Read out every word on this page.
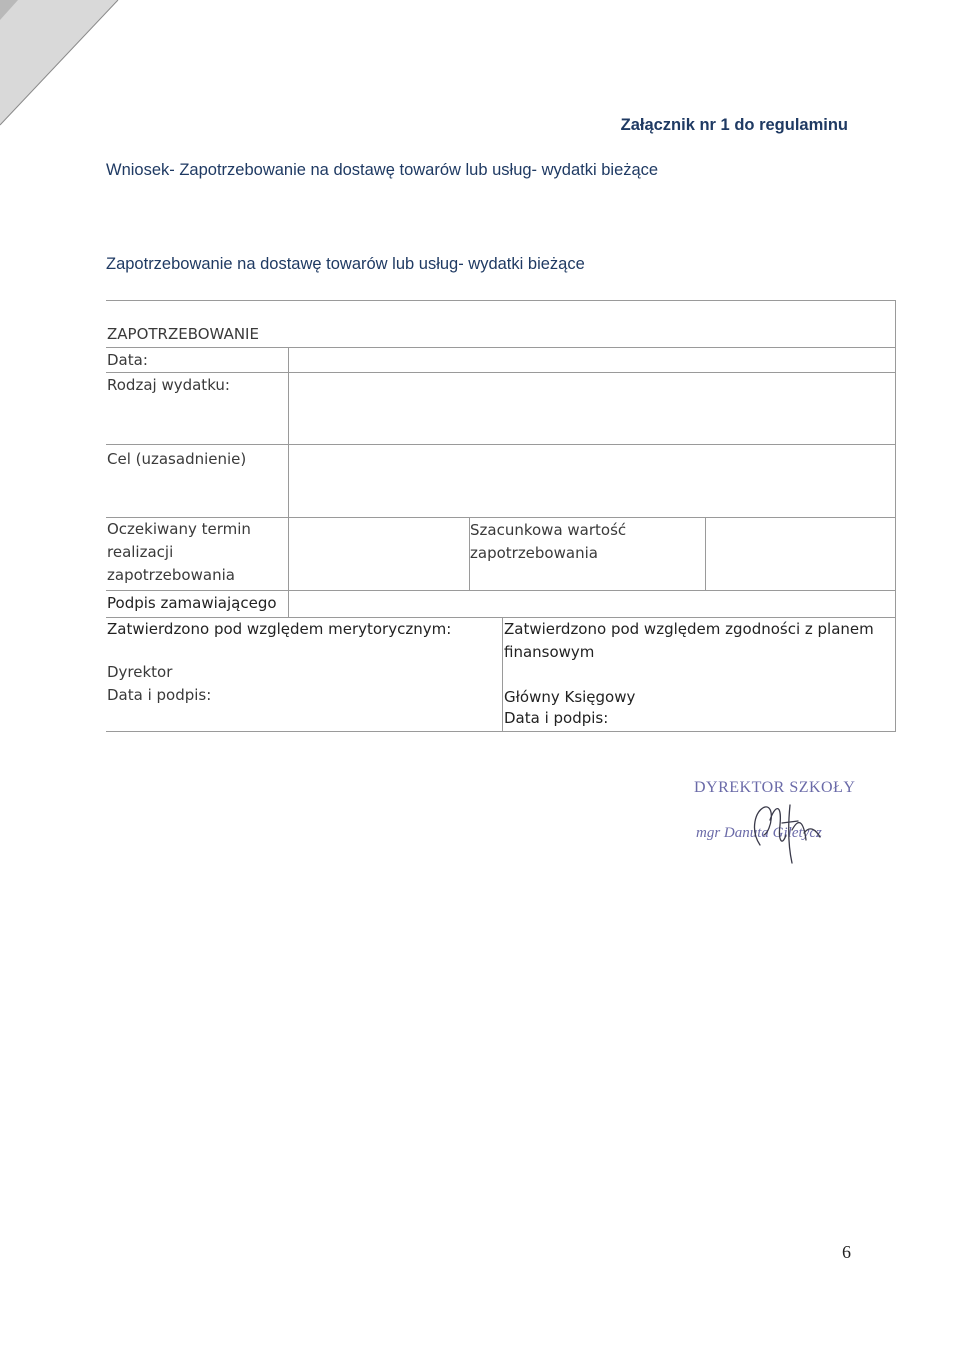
Załącznik nr 1 do regulaminu
Wniosek- Zapotrzebowanie na dostawę towarów lub usług- wydatki bieżące
Zapotrzebowanie na dostawę towarów lub usług- wydatki bieżące
ZAPOTRZEBOWANIE
Data:
Rodzaj wydatku:
Cel (uzasadnienie)
Oczekiwany termin
realizacji
zapotrzebowania
Szacunkowa wartość
zapotrzebowania
Podpis zamawiającego
Zatwierdzono pod względem merytorycznym:
Dyrektor
Data i podpis:
Zatwierdzono pod względem zgodności z planem
finansowym
Główny Księgowy
Data i podpis:
DYREKTOR SZKOŁY
mgr Danuta Giletycz
6
